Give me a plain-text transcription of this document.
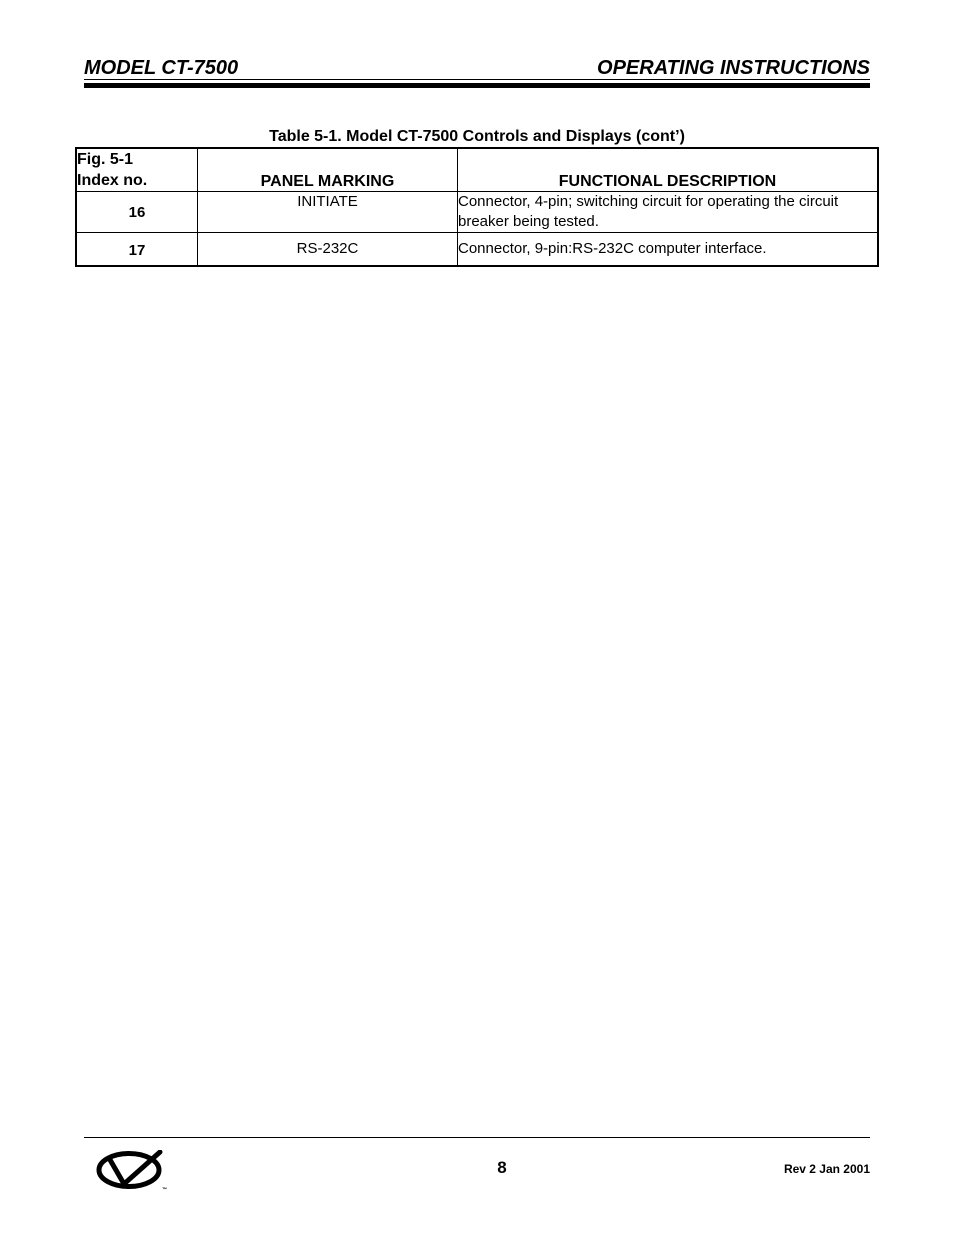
MODEL CT-7500	OPERATING INSTRUCTIONS
Table 5-1. Model CT-7500 Controls and Displays (cont’)
Fig. 5-1
Index no.	PANEL MARKING	FUNCTIONAL DESCRIPTION
16	INITIATE	Connector, 4-pin; switching circuit for operating the circuit breaker being tested.
17	RS-232C	Connector, 9-pin:RS-232C computer interface.
™
8	Rev 2 Jan 2001
